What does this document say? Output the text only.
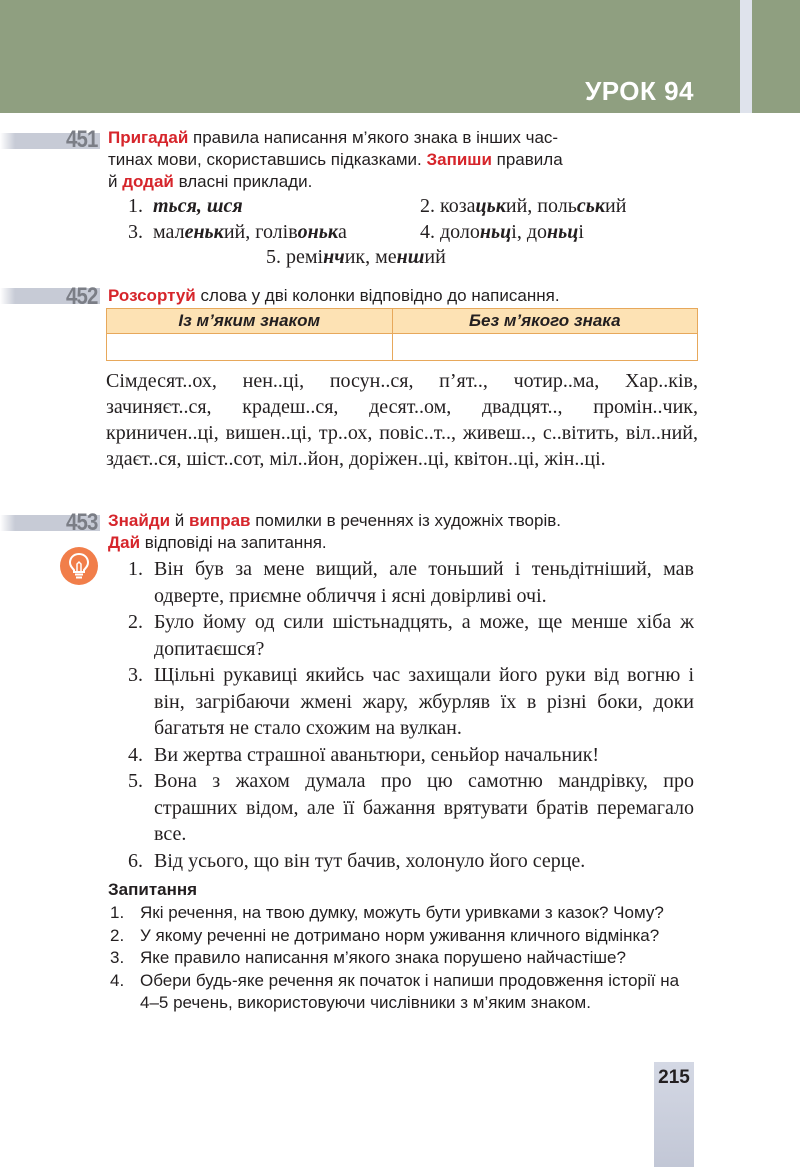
УРОК 94
451 Пригадай правила написання м’якого знака в інших час-
тинах мови, скориставшись підказками. Запиши правила
й додай власні приклади.
1. ться, шся	2. козацький, польський
3. маленький, голівонька	4. долоньці, доньці
5. ремінчик, менший
452 Розсортуй слова у дві колонки відповідно до написання.
Із м’яким знаком	Без м’якого знака

Сімдесят..ох, нен..ці, посун..ся, п’ят.., чотир..ма, Хар..ків, зачиняєт..ся, крадеш..ся, десят..ом, двадцят.., промін..чик, криничен..ці, вишен..ці, тр..ох, повіс..т.., живеш.., с..вітить, віл..ний, здаєт..ся, шіст..сот, міл..йон, доріжен..ці, квітон..ці, жін..ці.
453 Знайди й виправ помилки в реченнях із художніх творів.
Дай відповіді на запитання.
1. Він був за мене вищий, але тоньший і теньдітніший, мав одверте, приємне обличчя і ясні довірливі очі.
2. Було йому од сили шістьнадцять, а може, ще менше хіба ж допитаєшся?
3. Щільні рукавиці якийсь час захищали його руки від вогню і він, загрібаючи жмені жару, жбурляв їх в різні боки, доки багатьтя не стало схожим на вулкан.
4. Ви жертва страшної аваньтюри, сеньйор начальник!
5. Вона з жахом думала про цю самотню мандрівку, про страшних відом, але її бажання врятувати братів перемагало все.
6. Від усього, що він тут бачив, холонуло його серце.
Запитання
1. Які речення, на твою думку, можуть бути уривками з казок? Чому?
2. У якому реченні не дотримано норм уживання кличного відмінка?
3. Яке правило написання м’якого знака порушено найчастіше?
4. Обери будь-яке речення як початок і напиши продовження історії на 4–5 речень, використовуючи числівники з м’яким знаком.
215
